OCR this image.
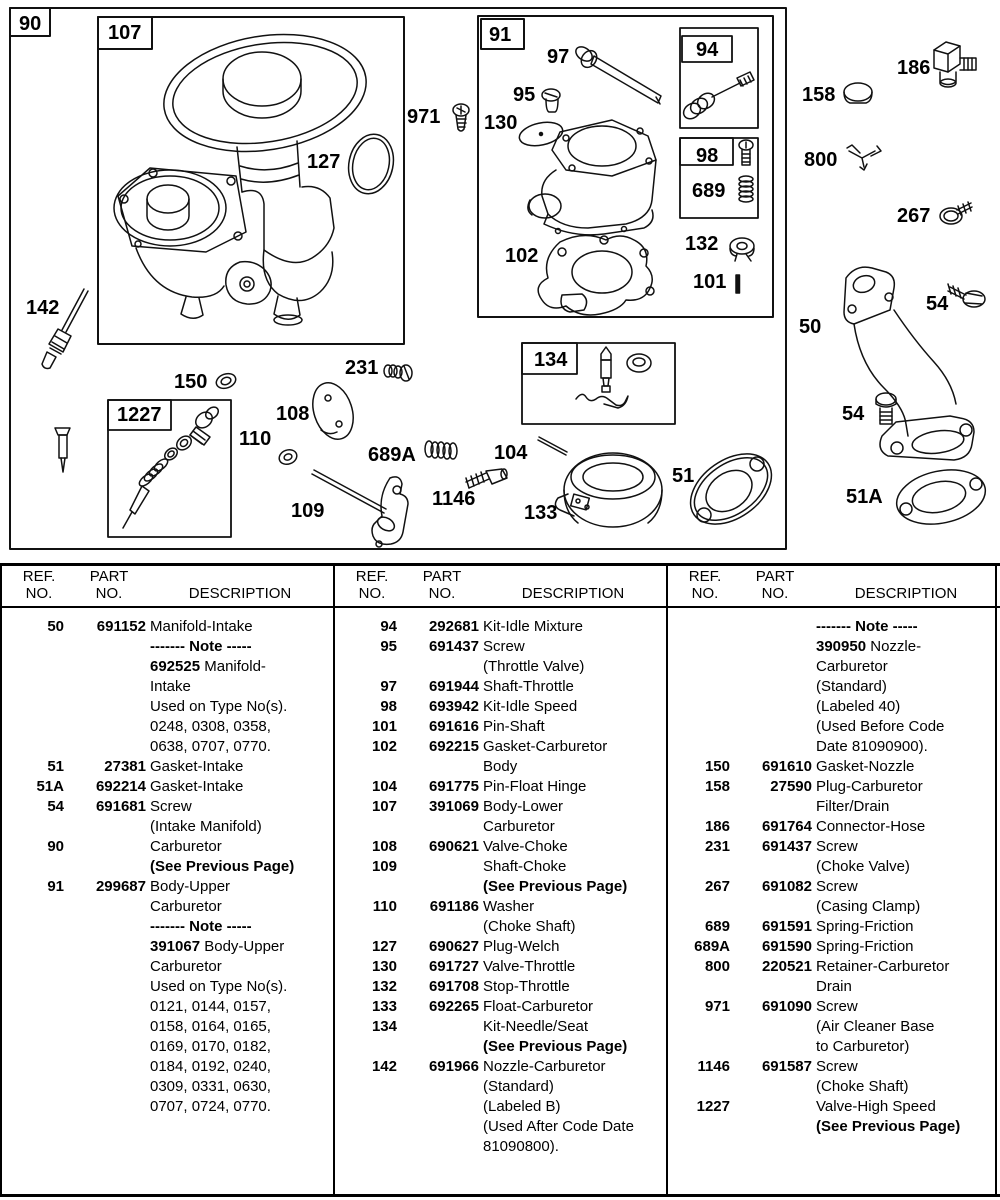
90	107	91
94
98
689
134
1227
971
127
97
95
130
132
101
102
142
150
231
108
110
689A	104
1146
109	133
51
186
158
800
267
54
50
54
51A
REF.
NO.
PART
NO.	DESCRIPTION
50	691152 Manifold-Intake
------- Note -----
692525 Manifold-
Intake
Used on Type No(s).
0248, 0308, 0358,
0638, 0707, 0770.
51	27381 Gasket-Intake
51A	692214 Gasket-Intake
54	691681 Screw
(Intake Manifold)
90	Carburetor
(See Previous Page)
91	299687 Body-Upper
Carburetor
------- Note -----
391067 Body-Upper
Carburetor
Used on Type No(s).
0121, 0144, 0157,
0158, 0164, 0165,
0169, 0170, 0182,
0184, 0192, 0240,
0309, 0331, 0630,
0707, 0724, 0770.
REF.
NO.
PART
NO.	DESCRIPTION
94	292681 Kit-Idle Mixture
95	691437 Screw
(Throttle Valve)
97	691944 Shaft-Throttle
98	693942 Kit-Idle Speed
101	691616 Pin-Shaft
102	692215 Gasket-Carburetor
Body
104	691775 Pin-Float Hinge
107	391069 Body-Lower
Carburetor
108	690621 Valve-Choke
109	Shaft-Choke
(See Previous Page)
110	691186 Washer
(Choke Shaft)
127	690627 Plug-Welch
130	691727 Valve-Throttle
132	691708 Stop-Throttle
133	692265 Float-Carburetor
134	Kit-Needle/Seat
(See Previous Page)
142	691966 Nozzle-Carburetor
(Standard)
(Labeled B)
(Used After Code Date
81090800).
REF.
NO.
PART
NO.	DESCRIPTION
------- Note -----
390950 Nozzle-
Carburetor
(Standard)
(Labeled 40)
(Used Before Code
Date 81090900).
150	691610 Gasket-Nozzle
158	27590 Plug-Carburetor
Filter/Drain
186	691764 Connector-Hose
231	691437 Screw
(Choke Valve)
267	691082 Screw
(Casing Clamp)
689	691591 Spring-Friction
689A	691590 Spring-Friction
800	220521 Retainer-Carburetor
Drain
971	691090 Screw
(Air Cleaner Base
to Carburetor)
1146	691587 Screw
(Choke Shaft)
1227	Valve-High Speed
(See Previous Page)
